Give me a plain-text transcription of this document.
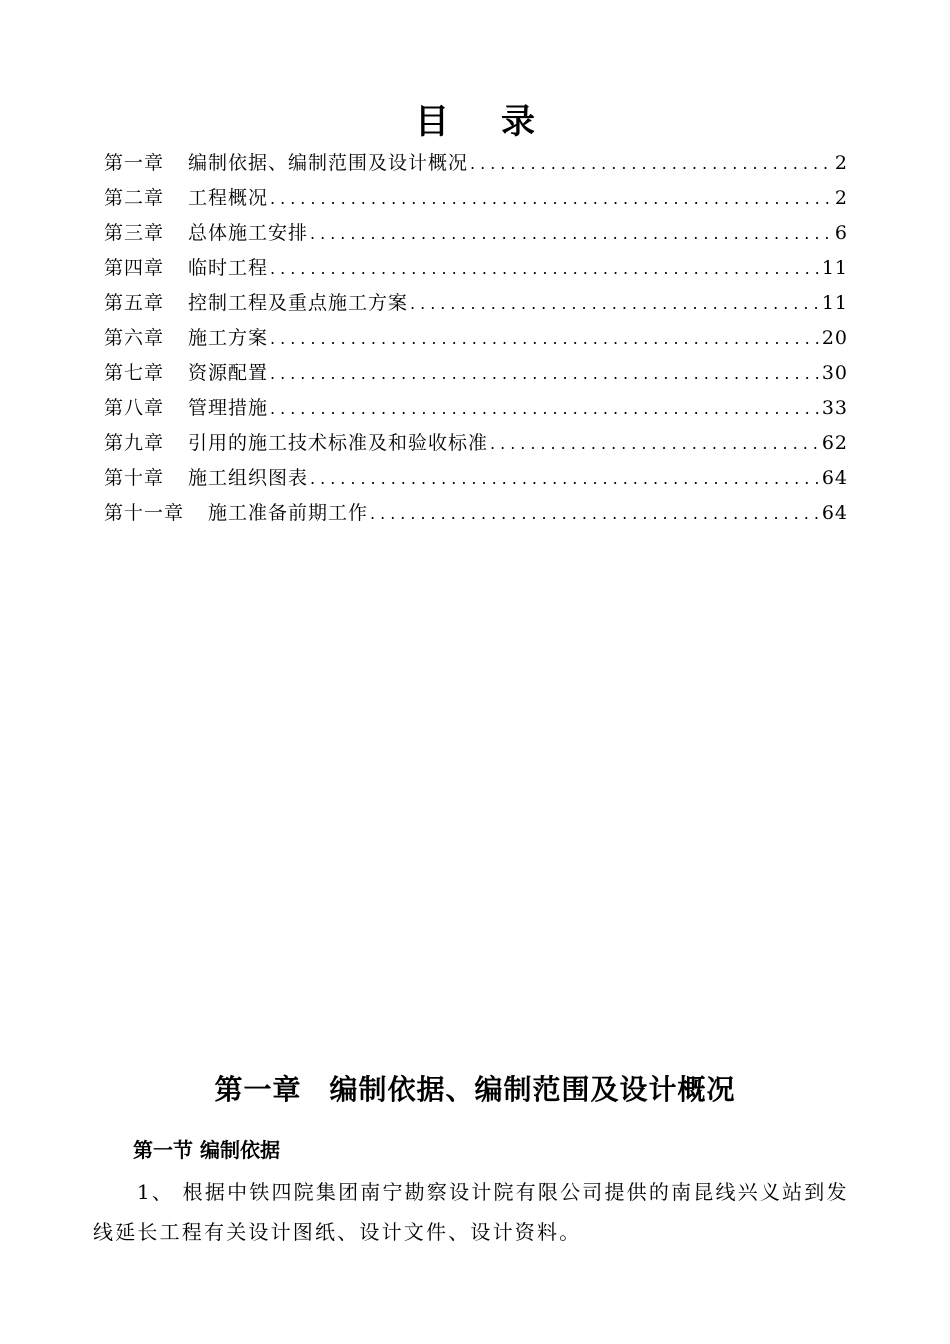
目录
第一章 编制依据、编制范围及设计概况 .....	2
第二章 工程概况 .....	2
第三章 总体施工安排 .....	6
第四章 临时工程 .....	11
第五章 控制工程及重点施工方案 .....	11
第六章 施工方案 .....	20
第七章 资源配置 .....	30
第八章 管理措施 .....	33
第九章 引用的施工技术标准及和验收标准 .....	62
第十章 施工组织图表 .....	64
第十一章 施工准备前期工作 .....	64
第一章 编制依据、编制范围及设计概况
第一节 编制依据
1、 根据中铁四院集团南宁勘察设计院有限公司提供的南昆线兴义站到发线延长工程有关设计图纸、设计文件、设计资料。
